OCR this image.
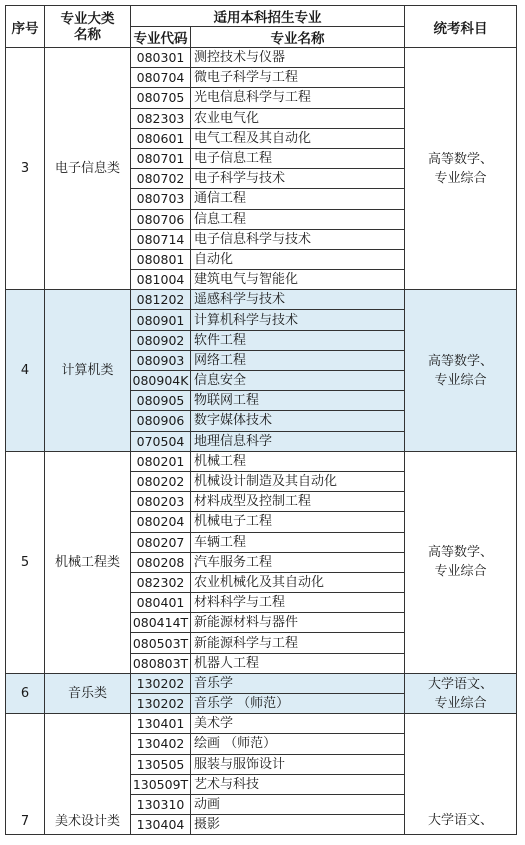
序号	专业大类
名称	适用本科招生专业		统考科目
		专业代码	专业名称	
3	电子信息类	080301	测控技术与仪器	高等数学、
专业综合
		080704	微电子科学与工程	
		080705	光电信息科学与工程	
		082303	农业电气化	
		080601	电气工程及其自动化	
		080701	电子信息工程	
		080702	电子科学与技术	
		080703	通信工程	
		080706	信息工程	
		080714	电子信息科学与技术	
		080801	自动化	
		081004	建筑电气与智能化	
4	计算机类	081202	遥感科学与技术	高等数学、
专业综合
		080901	计算机科学与技术	
		080902	软件工程	
		080903	网络工程	
		080904K	信息安全	
		080905	物联网工程	
		080906	数字媒体技术	
		070504	地理信息科学	
5	机械工程类	080201	机械工程	高等数学、
专业综合
		080202	机械设计制造及其自动化	
		080203	材料成型及控制工程	
		080204	机械电子工程	
		080207	车辆工程	
		080208	汽车服务工程	
		082302	农业机械化及其自动化	
		080401	材料科学与工程	
		080414T	新能源材料与器件	
		080503T	新能源科学与工程	
		080803T	机器人工程	
6	音乐类	130202	音乐学	大学语文、
专业综合
		130202	音乐学 （师范）	
7	美术设计类	130401	美术学	大学语文、
		130402	绘画 （师范）	
		130505	服装与服饰设计	
		130509T	艺术与科技	
		130310	动画	
		130404	摄影	
